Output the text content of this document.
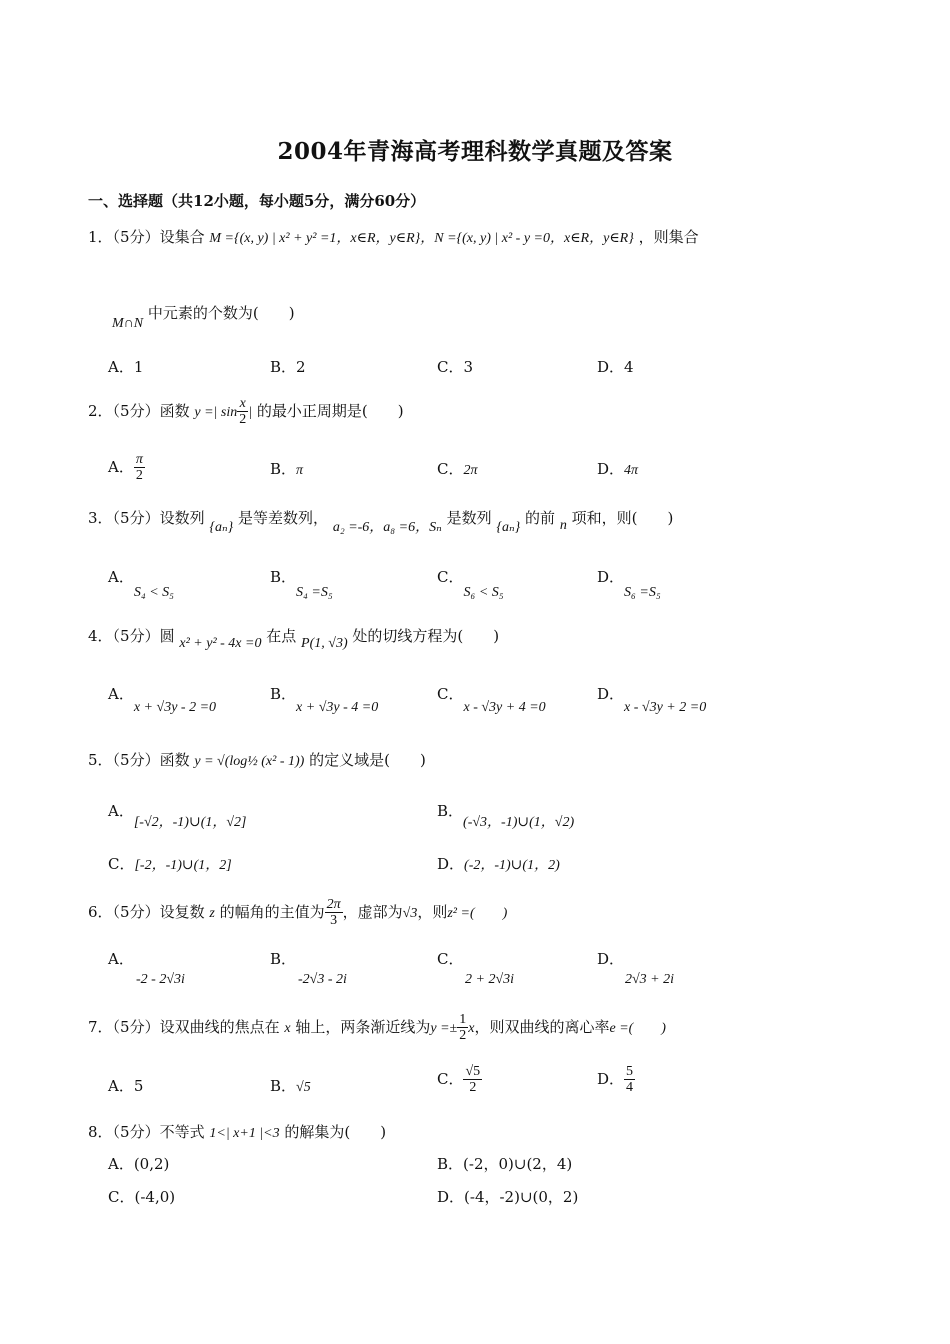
2004年青海高考理科数学真题及答案
一、选择题（共12小题，每小题5分，满分60分）
1．（5分）设集合 M ={(x, y) | x² + y² =1，x∈R，y∈R}，N ={(x, y) | x² - y =0，x∈R，y∈R} ，则集合
M∩N 中元素的个数为(　　)
A．1	B．2	C．3	D．4
2．（5分）函数 y =| $\sin \frac{x}{2}$ | 的最小正周期是(　　)
A． $\frac{\pi}{2}$	B．π	C．2π	D．4π
3．（5分）设数列 {aₙ} 是等差数列， a₂ =-6，a₈ =6，Sₙ 是数列 {aₙ} 的前 n 项和，则(　　)
A．S₄ < S₅
B．S₄ =S₅
C．S₆ < S₅
D．S₆ =S₅
4．（5分）圆 x² + y² - 4x =0 在点 P(1, √3) 处的切线方程为(　　)
A．x + √3y - 2 =0
B．x + √3y - 4 =0
C．x - √3y + 4 =0
D．x - √3y + 2 =0
5．（5分）函数 y = √(log½ (x² - 1)) 的定义域是(　　)
A．[-√2，-1)∪(1，√2]
B．(-√3，-1)∪(1，√2)
C．[-2，-1)∪(1，2]	D．(-2，-1)∪(1，2)
6．（5分）设复数 z 的幅角的主值为 $\frac{2\pi}{3}$ ，虚部为√3，则z² =(　　)
A．
-2 - 2√3i
B．
-2√3 - 2i
C．
2 + 2√3i
D．
2√3 + 2i
7．（5分）设双曲线的焦点在 x 轴上，两条渐近线为$y =\pm \frac{1}{2}$ x，则双曲线的离心率e =(　　)
A．5	B．√5	C． $\frac{√5}{2}$	D． $\frac{5}{4}$
8．（5分）不等式 1<| x+1 |<3 的解集为(　　)
A．(0,2)	B．(-2，0)∪(2，4)
C．(-4,0)	D．(-4，-2)∪(0，2)
